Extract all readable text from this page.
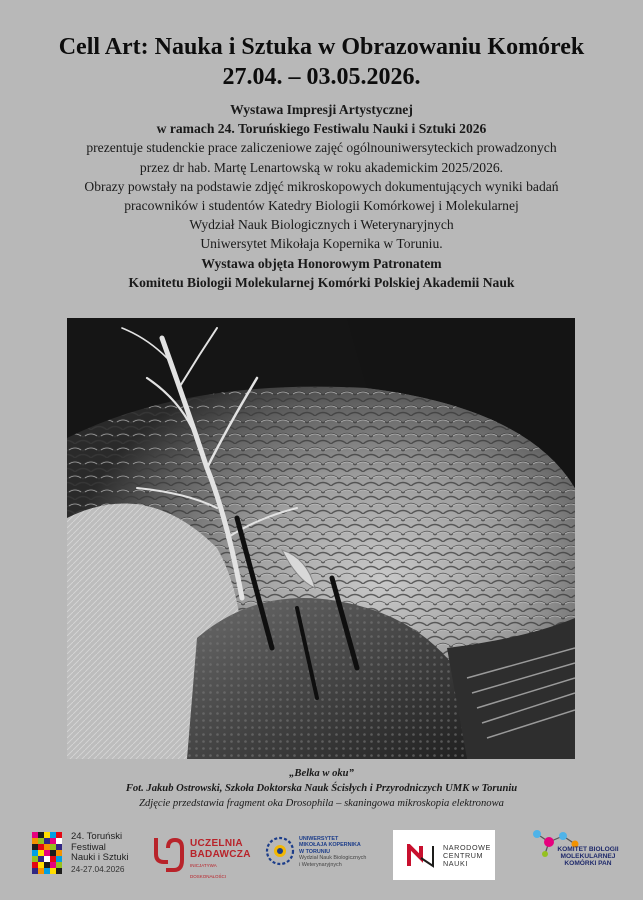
Cell Art: Nauka i Sztuka w Obrazowaniu Komórek
27.04. – 03.05.2026.
Wystawa Impresji Artystycznej
w ramach 24. Toruńskiego Festiwalu Nauki i Sztuki 2026
prezentuje studenckie prace zaliczeniowe zajęć ogólnouniwersyteckich prowadzonych
przez dr hab. Martę Lenartowską w roku akademickim 2025/2026.
Obrazy powstały na podstawie zdjęć mikroskopowych dokumentujących wyniki badań
pracowników i studentów Katedry Biologii Komórkowej i Molekularnej
Wydział Nauk Biologicznych i Weterynaryjnych
Uniwersytet Mikołaja Kopernika w Toruniu.
Wystawa objęta Honorowym Patronatem
Komitetu Biologii Molekularnej Komórki Polskiej Akademii Nauk
„Belka w oku”
Fot. Jakub Ostrowski, Szkoła Doktorska Nauk Ścisłych i Przyrodniczych UMK w Toruniu
Zdjęcie przedstawia fragment oka Drosophila – skaningowa mikroskopia elektronowa
24. Toruński
Festiwal
Nauki i Sztuki
24-27.04.2026
UCZELNIA
BADAWCZA
INICJATYWA DOSKONAŁOŚCI
UNIWERSYTET
MIKOŁAJA KOPERNIKA
W TORUNIU
Wydział Nauk Biologicznych
i Weterynaryjnych
NARODOWE
CENTRUM
NAUKI
KOMITET BIOLOGII
MOLEKULARNEJ
KOMÓRKI PAN
